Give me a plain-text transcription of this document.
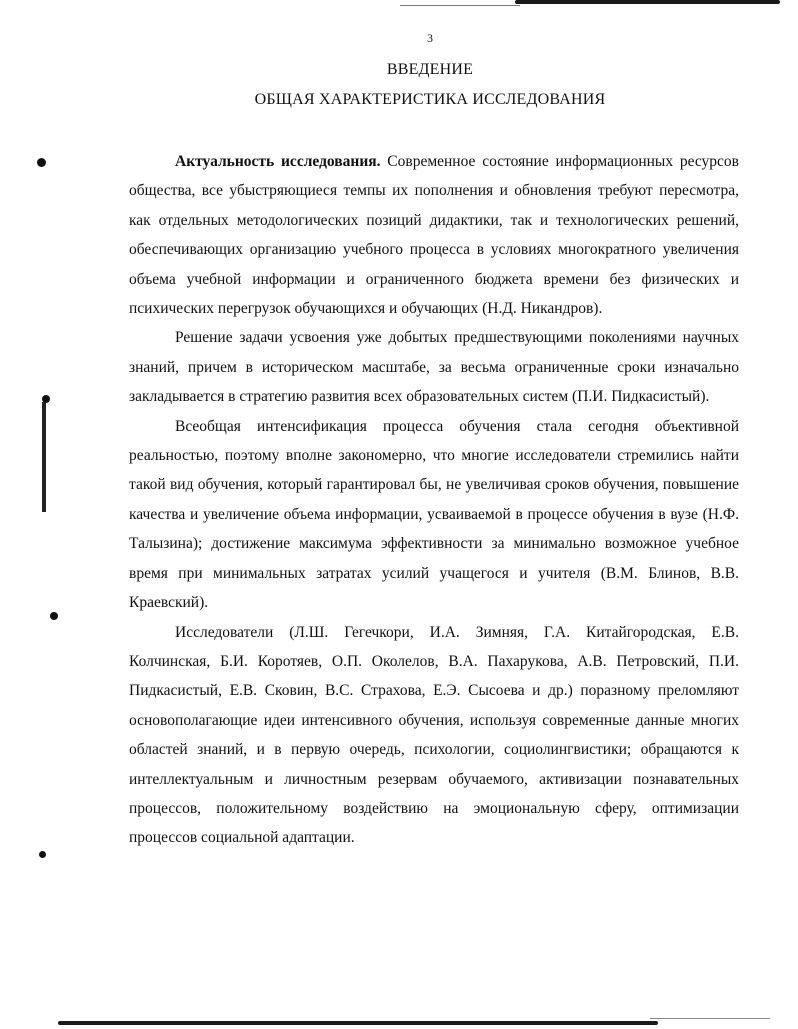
3
ВВЕДЕНИЕ
ОБЩАЯ ХАРАКТЕРИСТИКА ИССЛЕДОВАНИЯ

Актуальность исследования. Современное состояние информационных ресурсов общества, все убыстряющиеся темпы их пополнения и обновления требуют пересмотра, как отдельных методологических позиций дидактики, так и технологических решений, обеспечивающих организацию учебного процесса в условиях многократного увеличения объема учебной информации и ограниченного бюджета времени без физических и психических перегрузок обучающихся и обучающих (Н.Д. Никандров).

Решение задачи усвоения уже добытых предшествующими поколениями научных знаний, причем в историческом масштабе, за весьма ограниченные сроки изначально закладывается в стратегию развития всех образовательных систем (П.И. Пидкасистый).

Всеобщая интенсификация процесса обучения стала сегодня объективной реальностью, поэтому вполне закономерно, что многие исследователи стремились найти такой вид обучения, который гарантировал бы, не увеличивая сроков обучения, повышение качества и увеличение объема информации, усваиваемой в процессе обучения в вузе (Н.Ф. Талызина); достижение максимума эффективности за минимально возможное учебное время при минимальных затратах усилий учащегося и учителя (В.М. Блинов, В.В. Краевский).

Исследователи (Л.Ш. Гегечкори, И.А. Зимняя, Г.А. Китайгородская, Е.В. Колчинская, Б.И. Коротяев, О.П. Околелов, В.А. Пахарукова, А.В. Петровский, П.И. Пидкасистый, Е.В. Сковин, В.С. Страхова, Е.Э. Сысоева и др.) поразному преломляют основополагающие идеи интенсивного обучения, используя современные данные многих областей знаний, и в первую очередь, психологии, социолингвистики; обращаются к интеллектуальным и личностным резервам обучаемого, активизации познавательных процессов, положительному воздействию на эмоциональную сферу, оптимизации процессов социальной адаптации.
